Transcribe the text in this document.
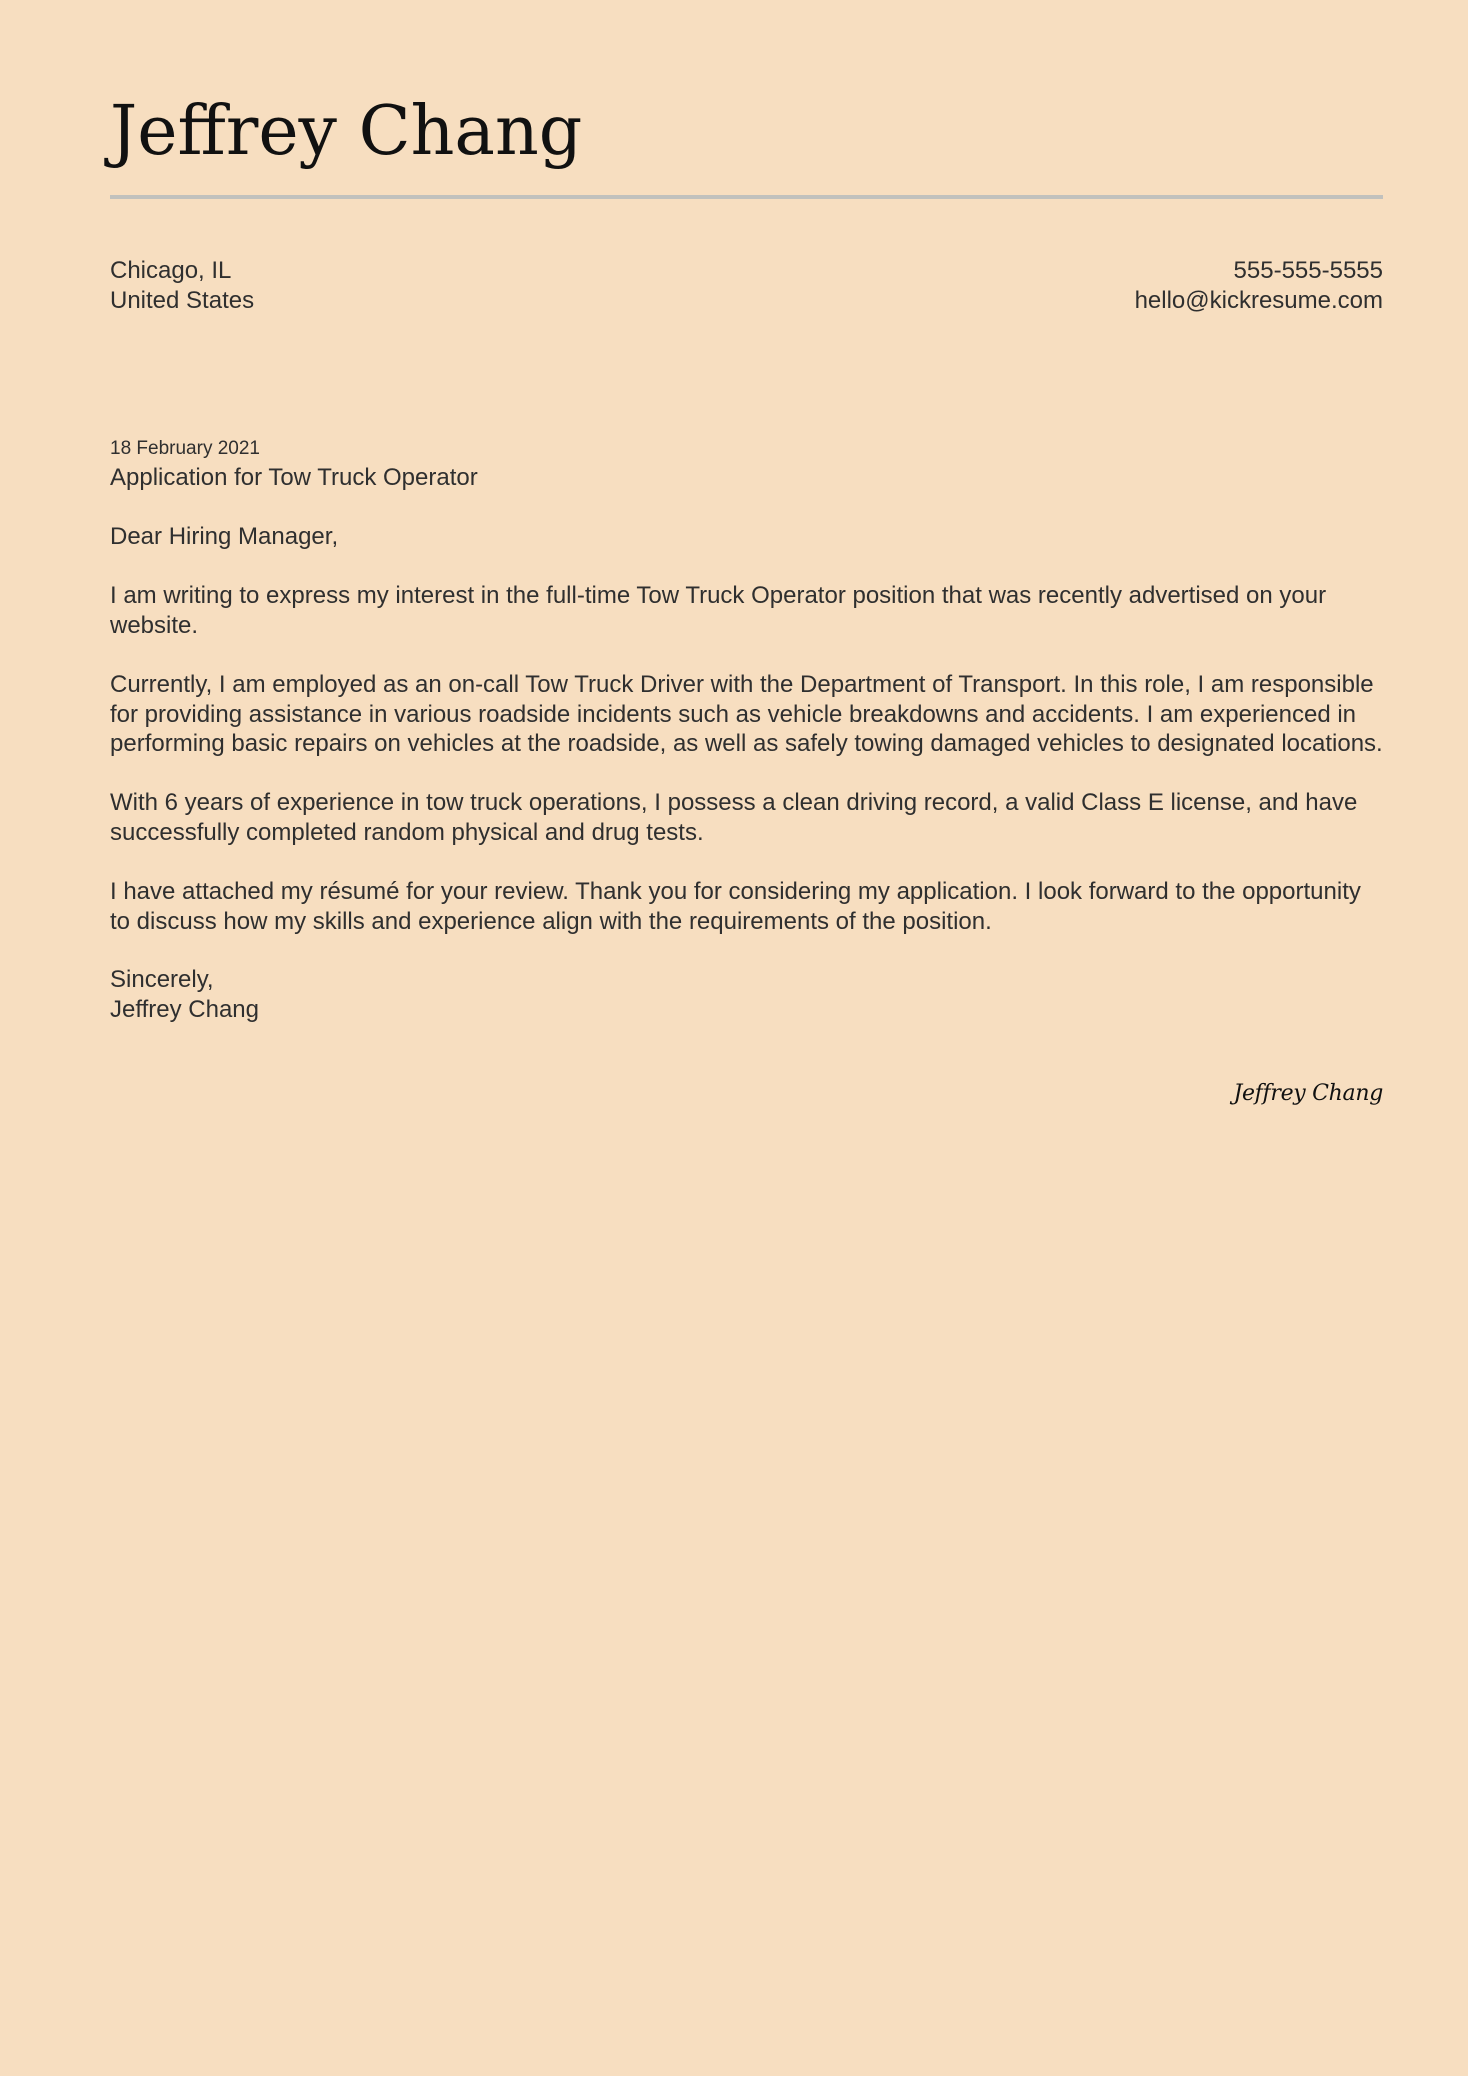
Jeffrey Chang
Chicago, IL
United States
555-555-5555
hello@kickresume.com
18 February 2021
Application for Tow Truck Operator
Dear Hiring Manager,

I am writing to express my interest in the full-time Tow Truck Operator position that was recently advertised on your website.

Currently, I am employed as an on-call Tow Truck Driver with the Department of Transport. In this role, I am responsible for providing assistance in various roadside incidents such as vehicle breakdowns and accidents. I am experienced in performing basic repairs on vehicles at the roadside, as well as safely towing damaged vehicles to designated locations.

With 6 years of experience in tow truck operations, I possess a clean driving record, a valid Class E license, and have successfully completed random physical and drug tests.

I have attached my résumé for your review. Thank you for considering my application. I look forward to the opportunity to discuss how my skills and experience align with the requirements of the position.

Sincerely,
Jeffrey Chang
Jeffrey Chang
